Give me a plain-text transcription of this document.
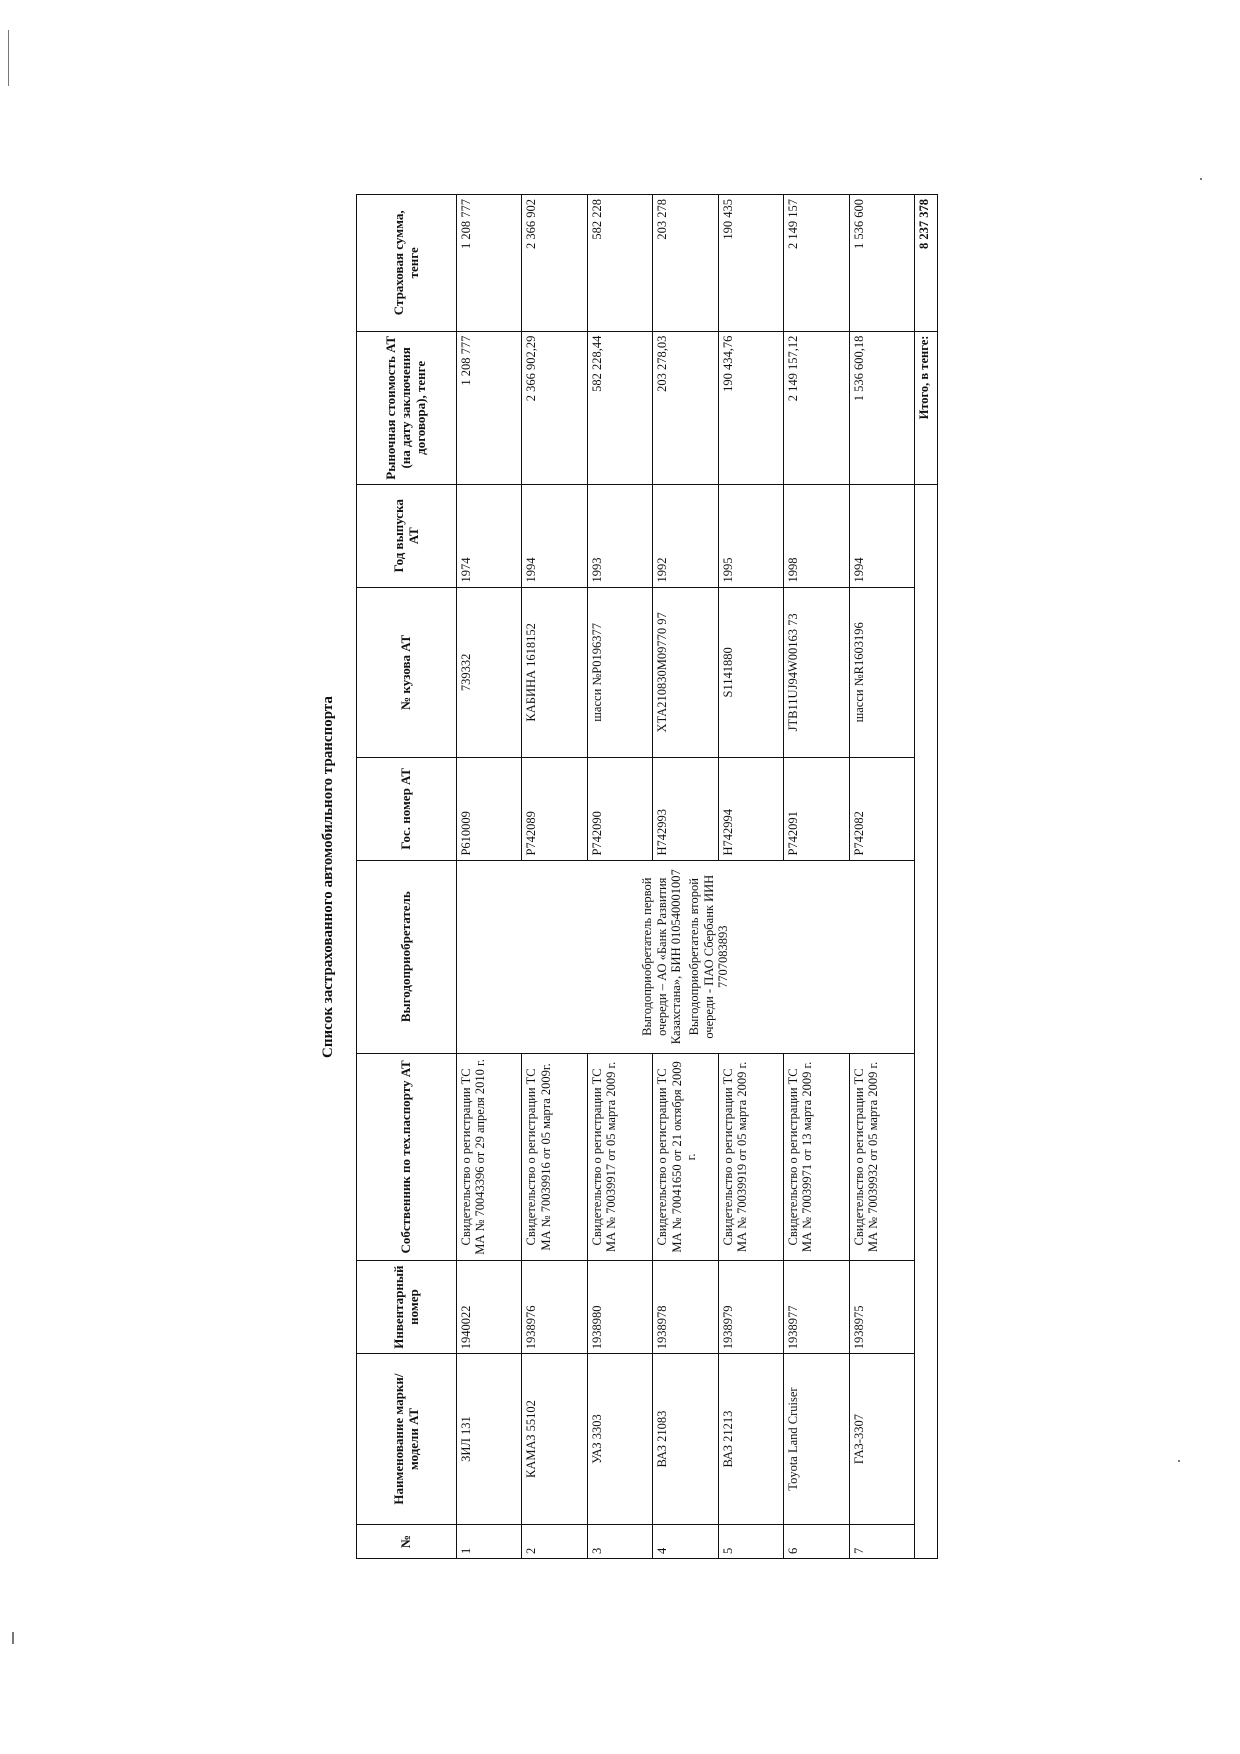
Список застрахованного автомобильного транспорта
№	Наименование марки/модели АТ	Инвентарный номер	Собственник по тех.паспорту АТ	Выгодоприобретатель	Гос. номер АТ	№ кузова АТ	Год выпуска АТ	Рыночная стоимость АТ (на дату заключения договора), тенге	Страховая сумма, тенге
1	ЗИЛ 131	1940022	Свидетельство о регистрации ТС МА № 70043396 от 29 апреля 2010 г.	Выгодоприобретатель первой очереди – АО «Банк Развития Казахстана», БИН 010540001007 Выгодоприобретатель второй очереди - ПАО Сбербанк ИИН 7707083893	P610009	739332	1974	1 208 777	1 208 777
2	КАМАЗ 55102	1938976	Свидетельство о регистрации ТС МА № 70039916 от 05 марта 2009г.		P742089	КАБИНА 1618152	1994	2 366 902,29	2 366 902
3	УАЗ 3303	1938980	Свидетельство о регистрации ТС МА № 70039917 от 05 марта 2009 г.		P742090	шасси №P0196377	1993	582 228,44	582 228
4	ВАЗ 21083	1938978	Свидетельство о регистрации ТС МА № 70041650 от 21 октября 2009 г.		H742993	XTA210830M09770 97	1992	203 278,03	203 278
5	ВАЗ 21213	1938979	Свидетельство о регистрации ТС МА № 70039919 от 05 марта 2009 г.		H742994	S1141880	1995	190 434,76	190 435
6	Toyota Land Cruiser	1938977	Свидетельство о регистрации ТС МА № 70039971 от 13 марта 2009 г.		P742091	JTB11UJ94W00163 73	1998	2 149 157,12	2 149 157
7	ГАЗ-3307	1938975	Свидетельство о регистрации ТС МА № 70039932 от 05 марта 2009 г.		P742082	шасси №R1603196	1994	1 536 600,18	1 536 600
								Итого, в тенге:	8 237 378
